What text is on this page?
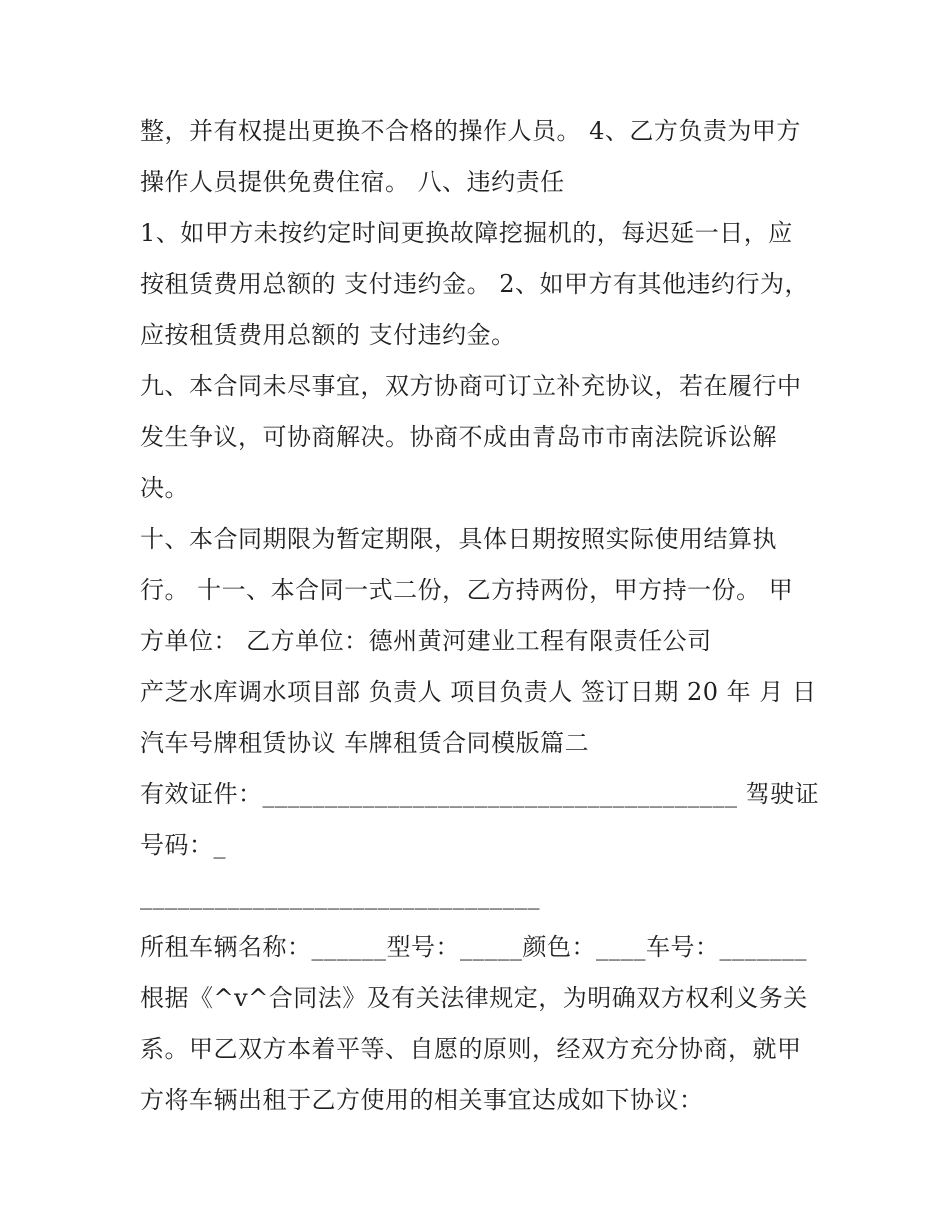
整，并有权提出更换不合格的操作人员。 4、乙方负责为甲方
操作人员提供免费住宿。 八、违约责任
1、如甲方未按约定时间更换故障挖掘机的，每迟延一日，应
按租赁费用总额的 支付违约金。 2、如甲方有其他违约行为，
应按租赁费用总额的 支付违约金。
九、本合同未尽事宜，双方协商可订立补充协议，若在履行中
发生争议，可协商解决。协商不成由青岛市市南法院诉讼解
决。
十、本合同期限为暂定期限，具体日期按照实际使用结算执
行。 十一、本合同一式二份，乙方持两份，甲方持一份。 甲
方单位： 乙方单位：德州黄河建业工程有限责任公司
产芝水库调水项目部 负责人 项目负责人 签订日期 20 年 月 日
汽车号牌租赁协议 车牌租赁合同模版篇二
有效证件：______________________________________ 驾驶证
号码：_
________________________________
所租车辆名称：______型号：_____颜色：____车号：_______
根据《^v^合同法》及有关法律规定，为明确双方权利义务关
系。甲乙双方本着平等、自愿的原则，经双方充分协商，就甲
方将车辆出租于乙方使用的相关事宜达成如下协议：
